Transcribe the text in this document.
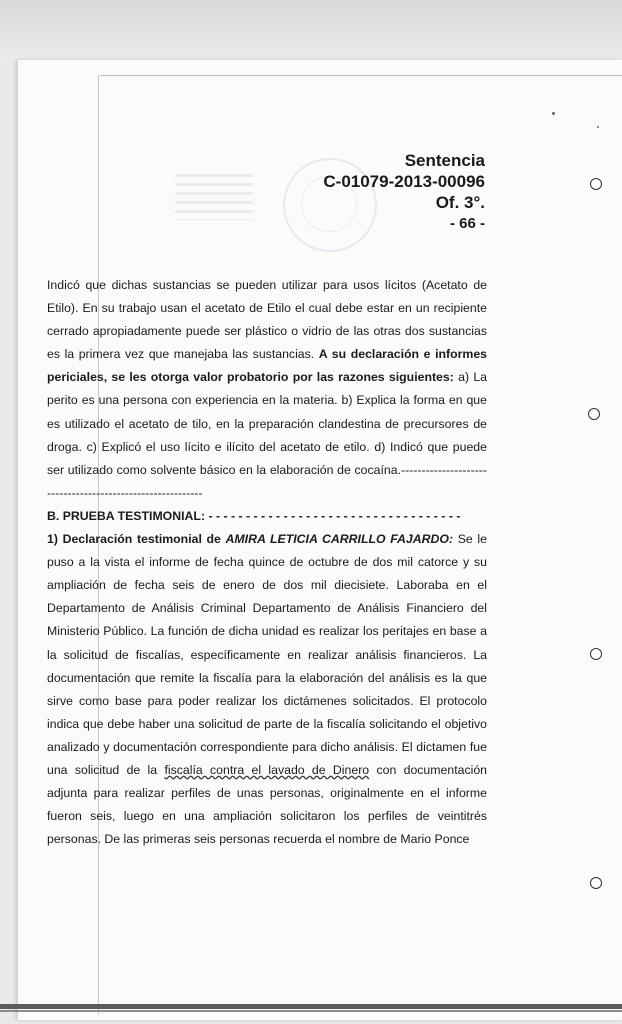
Sentencia
C-01079-2013-00096
Of. 3°.
- 66 -

Indicó que dichas sustancias se pueden utilizar para usos lícitos (Acetato de Etilo). En su trabajo usan el acetato de Etilo el cual debe estar en un recipiente cerrado apropiadamente puede ser plástico o vidrio de las otras dos sustancias es la primera vez que manejaba las sustancias. A su declaración e informes periciales, se les otorga valor probatorio por las razones siguientes: a) La perito es una persona con experiencia en la materia. b) Explica la forma en que es utilizado el acetato de tilo, en la preparación clandestina de precursores de droga. c) Explicó el uso lícito e ilícito del acetato de etilo. d) Indicó que puede ser utilizado como solvente básico en la elaboración de cocaína.-----------------------------------------------------------

B. PRUEBA TESTIMONIAL: - - - - - - - - - - - - - - - - - - - - - - - - - - - - - - - - - -

1) Declaración testimonial de AMIRA LETICIA CARRILLO FAJARDO: Se le puso a la vista el informe de fecha quince de octubre de dos mil catorce y su ampliación de fecha seis de enero de dos mil diecisiete. Laboraba en el Departamento de Análisis Criminal Departamento de Análisis Financiero del Ministerio Público. La función de dicha unidad es realizar los peritajes en base a la solicitud de fiscalías, específicamente en realizar análisis financieros. La documentación que remite la fiscalía para la elaboración del análisis es la que sirve como base para poder realizar los dictámenes solicitados. El protocolo indica que debe haber una solicitud de parte de la fiscalía solicitando el objetivo analizado y documentación correspondiente para dicho análisis. El dictamen fue una solicitud de la fiscalía contra el lavado de Dinero con documentación adjunta para realizar perfiles de unas personas, originalmente en el informe fueron seis, luego en una ampliación solicitaron los perfiles de veintitrés personas. De las primeras seis personas recuerda el nombre de Mario Ponce
